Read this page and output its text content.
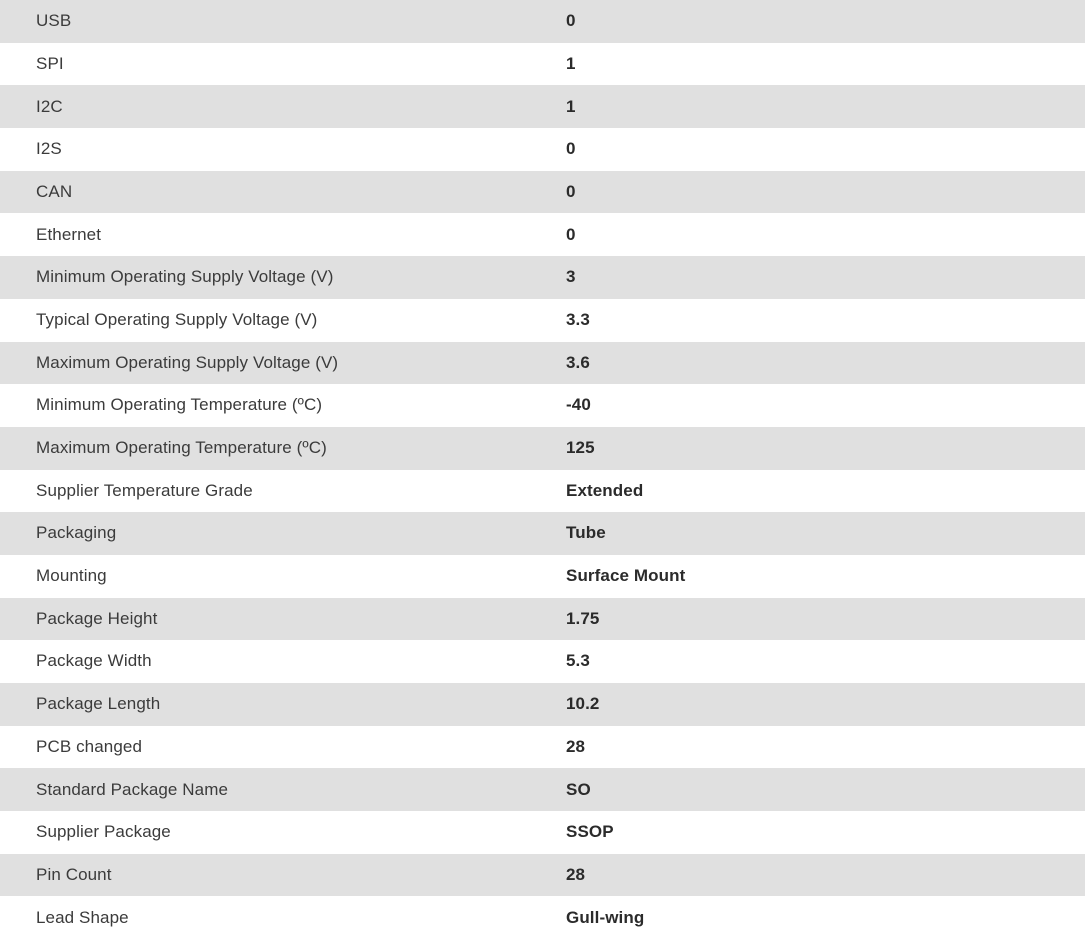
USB	0
SPI	1
I2C	1
I2S	0
CAN	0
Ethernet	0
Minimum Operating Supply Voltage (V)	3
Typical Operating Supply Voltage (V)	3.3
Maximum Operating Supply Voltage (V)	3.6
Minimum Operating Temperature (ºC)	-40
Maximum Operating Temperature (ºC)	125
Supplier Temperature Grade	Extended
Packaging	Tube
Mounting	Surface Mount
Package Height	1.75
Package Width	5.3
Package Length	10.2
PCB changed	28
Standard Package Name	SO
Supplier Package	SSOP
Pin Count	28
Lead Shape	Gull-wing
